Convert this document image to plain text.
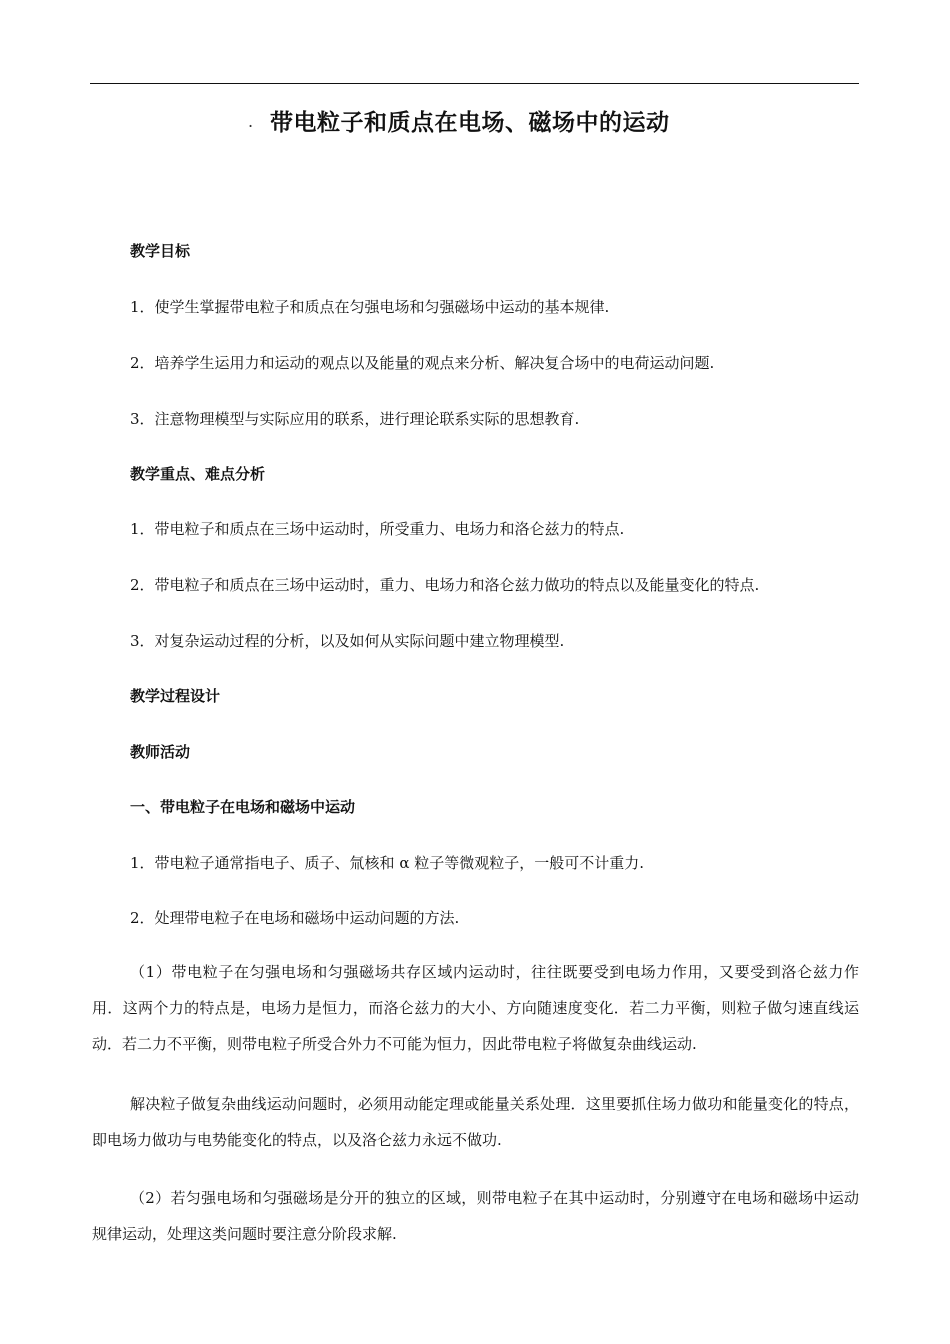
. 带电粒子和质点在电场、磁场中的运动
教学目标
1．使学生掌握带电粒子和质点在匀强电场和匀强磁场中运动的基本规律.
2．培养学生运用力和运动的观点以及能量的观点来分析、解决复合场中的电荷运动问题.
3．注意物理模型与实际应用的联系，进行理论联系实际的思想教育.
教学重点、难点分析
1．带电粒子和质点在三场中运动时，所受重力、电场力和洛仑兹力的特点.
2．带电粒子和质点在三场中运动时，重力、电场力和洛仑兹力做功的特点以及能量变化的特点.
3．对复杂运动过程的分析，以及如何从实际问题中建立物理模型.
教学过程设计
教师活动
一、带电粒子在电场和磁场中运动
1．带电粒子通常指电子、质子、氚核和 α 粒子等微观粒子，一般可不计重力.
2．处理带电粒子在电场和磁场中运动问题的方法.

（1）带电粒子在匀强电场和匀强磁场共存区域内运动时，往往既要受到电场力作用，又要受到洛仑兹力作用．这两个力的特点是，电场力是恒力，而洛仑兹力的大小、方向随速度变化．若二力平衡，则粒子做匀速直线运动．若二力不平衡，则带电粒子所受合外力不可能为恒力，因此带电粒子将做复杂曲线运动.

解决粒子做复杂曲线运动问题时，必须用动能定理或能量关系处理．这里要抓住场力做功和能量变化的特点，即电场力做功与电势能变化的特点，以及洛仑兹力永远不做功.

（2）若匀强电场和匀强磁场是分开的独立的区域，则带电粒子在其中运动时，分别遵守在电场和磁场中运动规律运动，处理这类问题时要注意分阶段求解.
